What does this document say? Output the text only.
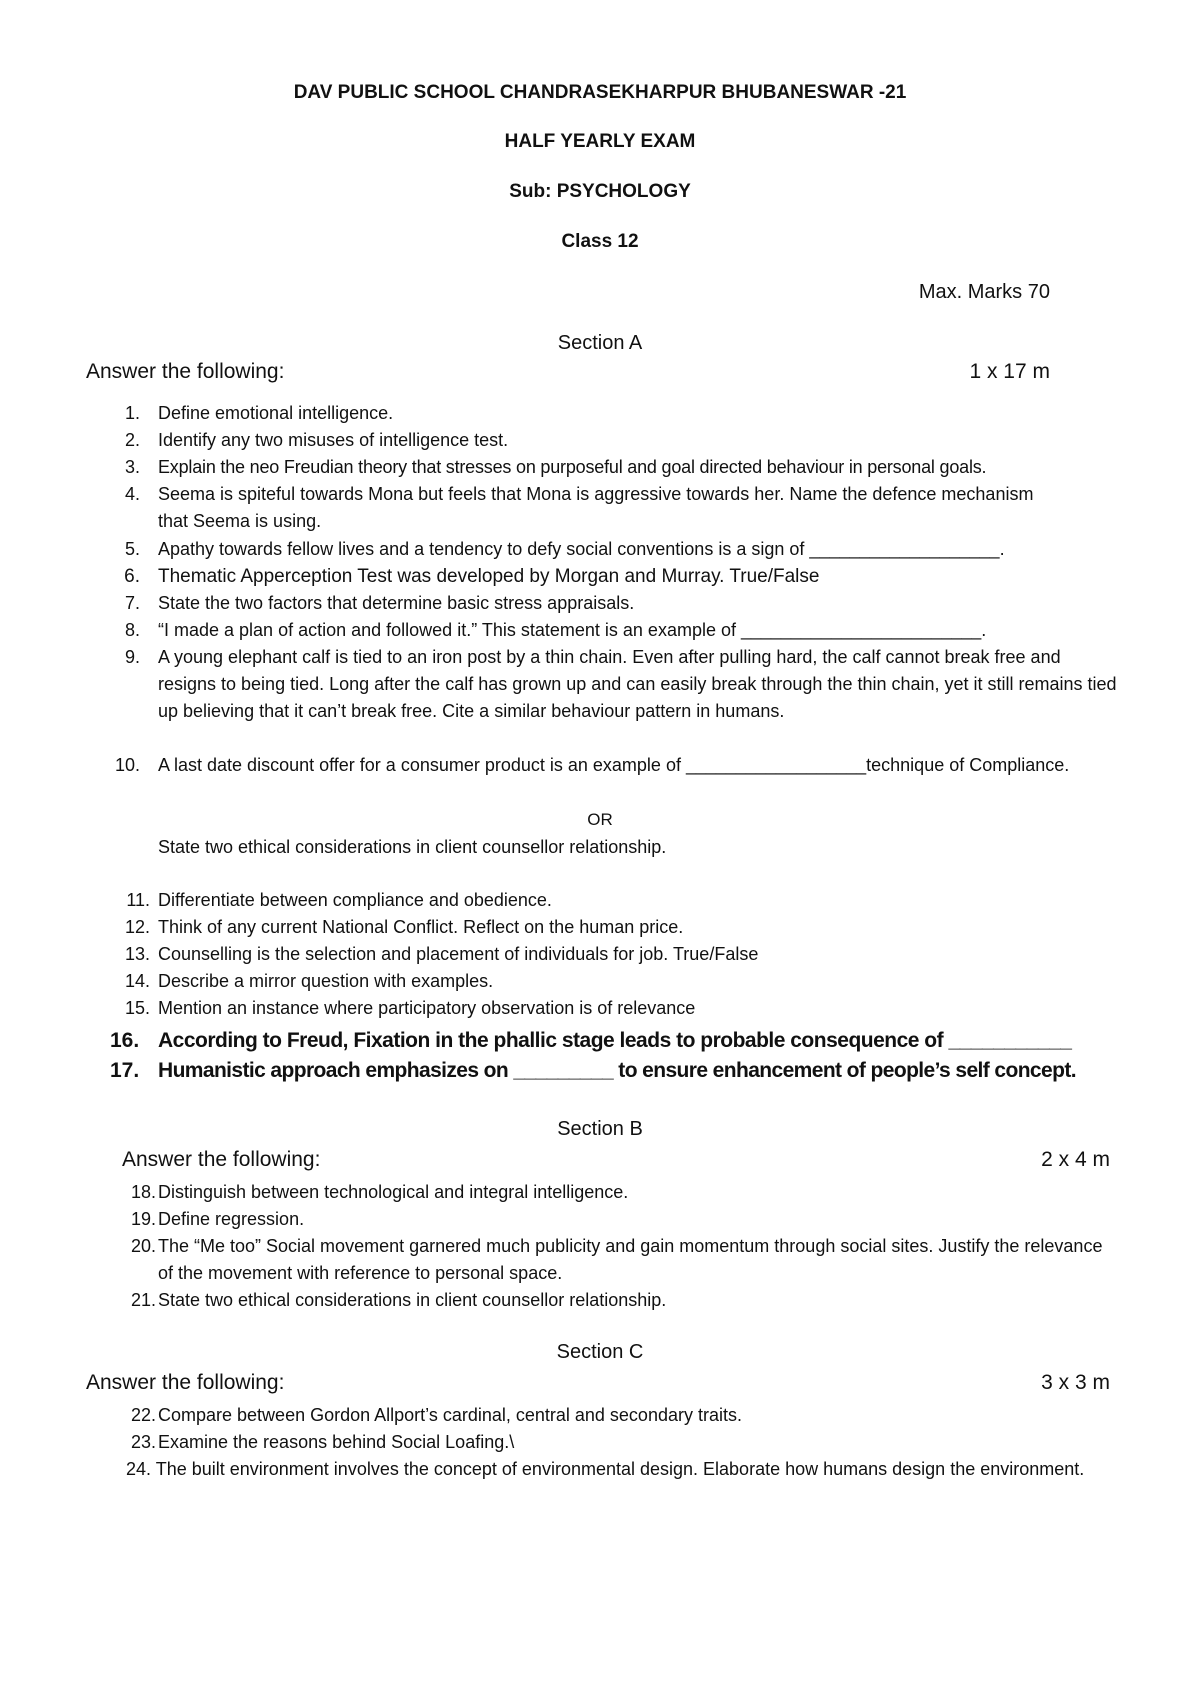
DAV PUBLIC SCHOOL CHANDRASEKHARPUR BHUBANESWAR -21
HALF YEARLY EXAM
Sub: PSYCHOLOGY
Class 12
Max. Marks 70
Section A
Answer the following:	1 x 17 m
1. Define emotional intelligence.
2. Identify any two misuses of intelligence test.
3. Explain the neo Freudian theory that stresses on purposeful and goal directed behaviour in personal goals.
4. Seema is spiteful towards Mona but feels that Mona is aggressive towards her. Name the defence mechanism that Seema is using.
5. Apathy towards fellow lives and a tendency to defy social conventions is a sign of ___________________.
6. Thematic Apperception Test was developed by Morgan and Murray. True/False
7. State the two factors that determine basic stress appraisals.
8. “I made a plan of action and followed it.” This statement is an example of ________________________.
9. A young elephant calf is tied to an iron post by a thin chain. Even after pulling hard, the calf cannot break free and resigns to being tied. Long after the calf has grown up and can easily break through the thin chain, yet it still remains tied up believing that it can’t break free. Cite a similar behaviour pattern in humans.
10. A last date discount offer for a consumer product is an example of __________________technique of Compliance.
OR
State two ethical considerations in client counsellor relationship.
11. Differentiate between compliance and obedience.
12. Think of any current National Conflict. Reflect on the human price.
13. Counselling is the selection and placement of individuals for job. True/False
14. Describe a mirror question with examples.
15. Mention an instance where participatory observation is of relevance
16. According to Freud, Fixation in the phallic stage leads to probable consequence of ___________
17. Humanistic approach emphasizes on _________ to ensure enhancement of people’s self concept.
Section B
Answer the following:	2 x 4 m
18. Distinguish between technological and integral intelligence.
19. Define regression.
20. The “Me too” Social movement garnered much publicity and gain momentum through social sites. Justify the relevance of the movement with reference to personal space.
21. State two ethical considerations in client counsellor relationship.
Section C
Answer the following:	3 x 3 m
22. Compare between Gordon Allport’s cardinal, central and secondary traits.
23. Examine the reasons behind Social Loafing.\
24. The built environment involves the concept of environmental design. Elaborate how humans design the environment.
